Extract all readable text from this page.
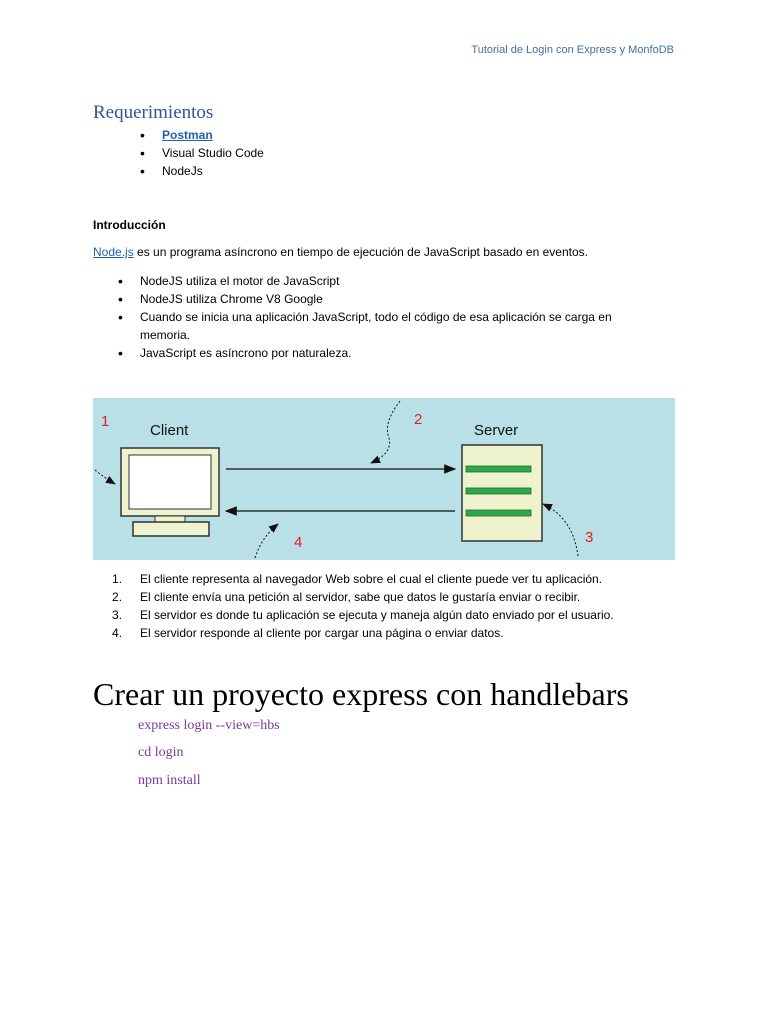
Tutorial de Login con Express y MonfoDB
Requerimientos
• Postman
• Visual Studio Code
• NodeJs
Introducción
Node.js es un programa asíncrono en tiempo de ejecución de JavaScript basado en eventos.
• NodeJS utiliza el motor de JavaScript
• NodeJS utiliza Chrome V8 Google
• Cuando se inicia una aplicación JavaScript, todo el código de esa aplicación se carga en memoria.
• JavaScript es asíncrono por naturaleza.
Client	Server
1	2
3
4
El cliente representa al navegador Web sobre el cual el cliente puede ver tu aplicación.
El cliente envía una petición al servidor, sabe que datos le gustaría enviar o recibir.
El servidor es donde tu aplicación se ejecuta y maneja algún dato enviado por el usuario.
El servidor responde al cliente por cargar una página o enviar datos.
Crear un proyecto express con handlebars
express login --view=hbs
cd login
npm install
